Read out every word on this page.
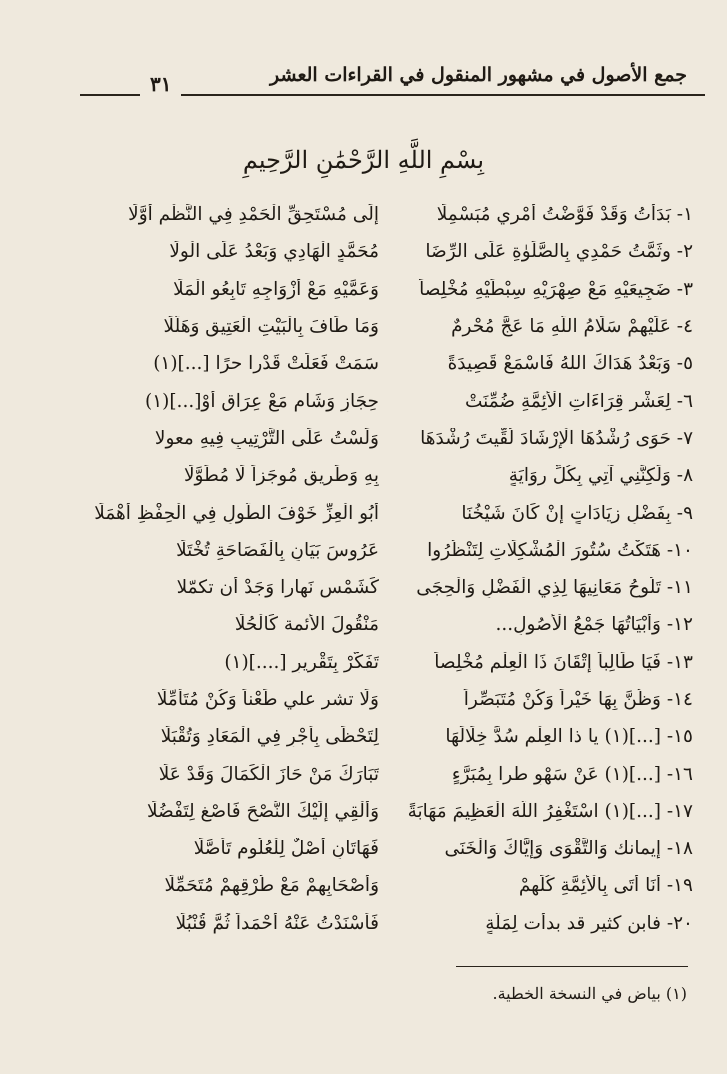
جمع الأصول في مشهور المنقول في القراءات العشر
٣١
بِسْمِ اللَّهِ الرَّحْمَٰنِ الرَّحِيمِ
١- بَدَأْتُ وَقَدْ فَوَّضْتُ أَمْرِي مُبَسْمِلَا
إِلَى مُسْتَحِقِّ الْحَمْدِ فِي النَّظْمِ أَوَّلَا
٢- وثَمَّتُ حَمْدِي بِالصَّلَوٰةِ عَلَى الرِّضَا
مُحَمَّدٍ الْهَادِي وَبَعْدُ عَلَى الْوِلَا
٣- ضَجِيعَيْهِ مَعْ صِهْرَيْهِ سِبْطَيْهِ مُخْلِصاً
وَعَمَّيْهِ مَعْ أَزْوَاجِهِ تَابِعُو الْمَلَا
٤- عَلَيْهِمْ سَلَامُ اللَّهِ مَا عَجَّ مُحْرِمٌ
وَمَا طَافَ بِالْبَيْتِ الْعَتِيقِ وَهَلَّلَا
٥- وَبَعْدُ هَدَاكَ اللهُ فَاسْمَعْ قَصِيدَةً
سَمَتْ فَعَلَتْ قَدْرا حرًا [...](١)
٦- لِعَشْرِ قِرَاءَاتِ الْأَئِمَّةِ ضُمِّنَتْ
حِجَازٍ وَشَامٍ مَعْ عِرَاقٍ أُوْ[...](١)
٧- حَوَى رُشْدُهَا الْإِرْشَادَ لُقِّيتَ رُشْدَهَا
وَلَسْتُ عَلَى التَّرْتِيبِ فِيهِ معولا
٨- وَلَكِنَّنِي آتِي بِكُلِّ رِوَايَةٍ
بِهِ وَطَرِيقٍ مُوجَزاً لَا مُطَوَّلَا
٩- بِفَضْلِ زِيَادَاتٍ إِنْ كَانَ شَيْخُنَا
أَبُو الْعِزِّ خَوْفَ الطُّولِ فِي الْحِفْظِ أَهْمَلَا
١٠- هَتَكْتُ سُتُورَ الْمُشْكِلَاتِ لِتَنْظُرُوا
عَرُوسَ بَيَانٍ بِالْفَصَاحَةِ تُخْتَلَا
١١- تَلُوحُ مَعَانِيهَا لِذِي الْفَضْلِ وَالْحِجَى
كَشَمْسٍ نَهارا وَجَدْ أن تكمّلا
١٢- وَأَبْيَاتُهَا جَمْعُ الْأُصُولِ...
مَنْقُولَ الأئمة كَالْحُلَا
١٣- فَيَا طَالِباً إِتْقَانَ ذَا الْعِلْمِ مُخْلِصاً
تَفَكَّرْ بِتَقْرِيرٍ [....](١)
١٤- وَظُنَّ بِهَا خَيْراً وَكُنْ مُتَبَصِّراً
وَلَا تشر علي طَعْناً وَكُنْ مُتَأَمِّلَا
١٥- [...](١) يا ذا العِلْمِ سُدَّ خِلَالَهَا
لِتَحْظَى بِأَجْرٍ فِي الْمَعَادِ وَتُقْبَلَا
١٦- [...](١) عَنْ سَهْوٍ طرا بِمُبَرَّءٍ
تَبَارَكَ مَنْ حَازَ الْكَمَالَ وَقَدْ عَلَا
١٧- [...](١) اسْتَغْفِرُ اللَّهَ الْعَظِيمَ مَهَابَةً
وَأُلْقِي إِلَيْكَ النُّصْحَ فَاصْغِ لِتَفْضُلَا
١٨- إيمانك وَالتَّقْوَى وَإِيَّاكَ وَالْخَنَى
فَهَاتَانِ أَصْلٌ لِلْعُلُومِ تَأَصَّلَا
١٩- أَنَا أَتَى بِالْأَئِمَّةِ كُلِّهِمْ
وَأَصْحَابِهِمْ مَعْ طُرْقِهِمْ مُتَحَمِّلَا
٢٠- فابن كثير قد بدأت لِمَلَّةٍ
فَأَسْنَدْتُ عَنْهُ أَحْمَداً ثُمَّ قُنْبُلَا
(١) بياض في النسخة الخطية.
